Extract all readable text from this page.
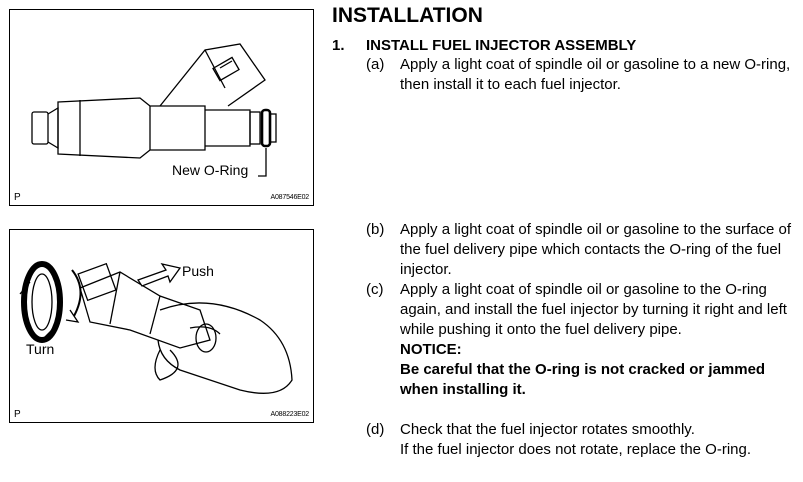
New O-Ring
P	A087546E02
Push
Turn
P	A088223E02
INSTALLATION
1. INSTALL FUEL INJECTOR ASSEMBLY
(a) Apply a light coat of spindle oil or gasoline to a new O-ring, then install it to each fuel injector.
(b) Apply a light coat of spindle oil or gasoline to the surface of the fuel delivery pipe which contacts the O-ring of the fuel injector.
(c) Apply a light coat of spindle oil or gasoline to the O-ring again, and install the fuel injector by turning it right and left while pushing it onto the fuel delivery pipe.
NOTICE:
Be careful that the O-ring is not cracked or jammed when installing it.
(d) Check that the fuel injector rotates smoothly.
If the fuel injector does not rotate, replace the O-ring.
